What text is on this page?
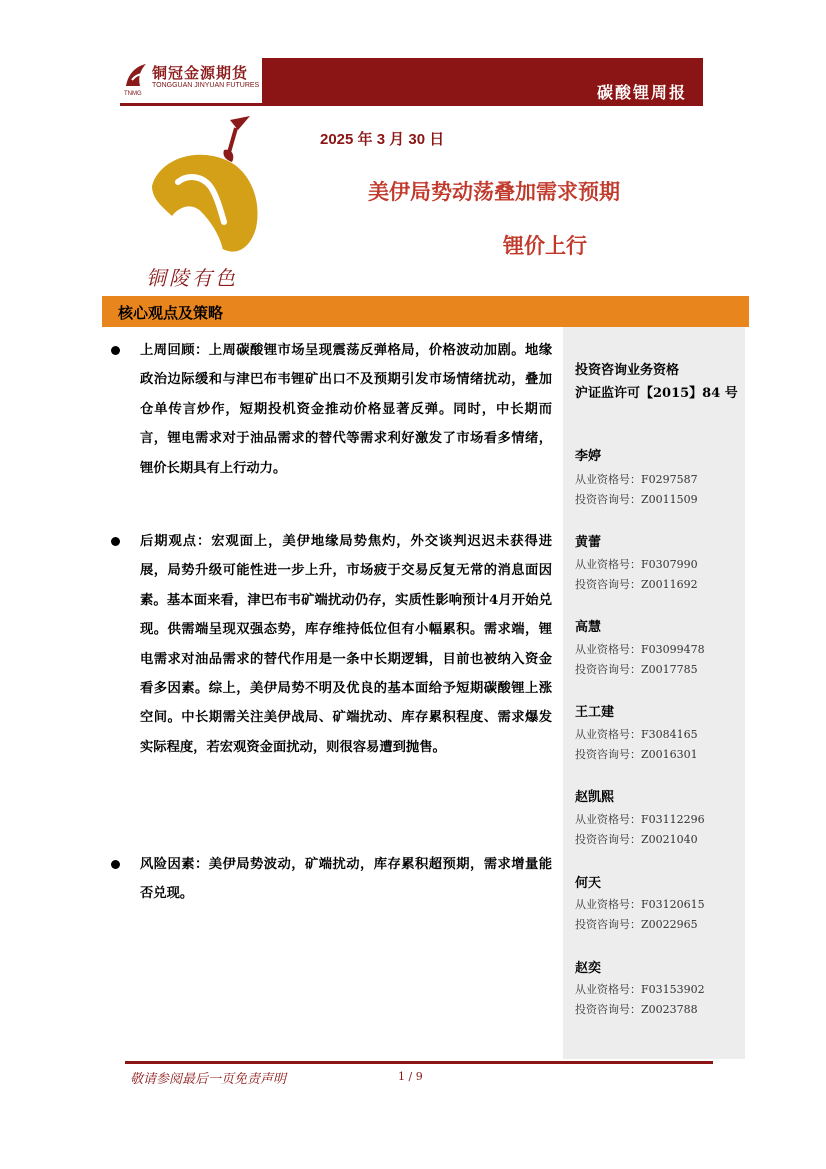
铜冠金源期货
TONGGUAN JINYUAN FUTURES
TNMG	碳酸锂周报
铜陵有色
2025 年 3 月 30 日
美伊局势动荡叠加需求预期
锂价上行
核心观点及策略
投资咨询业务资格
沪证监许可【2015】84 号
李婷
从业资格号：F0297587
投资咨询号：Z0011509
黄蕾
从业资格号：F0307990
投资咨询号：Z0011692
高慧
从业资格号：F03099478
投资咨询号：Z0017785
王工建
从业资格号：F3084165
投资咨询号：Z0016301
赵凯熙
从业资格号：F03112296
投资咨询号：Z0021040
何天
从业资格号：F03120615
投资咨询号：Z0022965
赵奕
从业资格号：F03153902
投资咨询号：Z0023788
上周回顾：上周碳酸锂市场呈现震荡反弹格局，价格波动加剧。地缘政治边际缓和与津巴布韦锂矿出口不及预期引发市场情绪扰动，叠加仓单传言炒作，短期投机资金推动价格显著反弹。同时，中长期而言，锂电需求对于油品需求的替代等需求利好激发了市场看多情绪，锂价长期具有上行动力。
后期观点：宏观面上，美伊地缘局势焦灼，外交谈判迟迟未获得进展，局势升级可能性进一步上升，市场疲于交易反复无常的消息面因素。基本面来看，津巴布韦矿端扰动仍存，实质性影响预计4月开始兑现。供需端呈现双强态势，库存维持低位但有小幅累积。需求端，锂电需求对油品需求的替代作用是一条中长期逻辑，目前也被纳入资金看多因素。综上，美伊局势不明及优良的基本面给予短期碳酸锂上涨空间。中长期需关注美伊战局、矿端扰动、库存累积程度、需求爆发实际程度，若宏观资金面扰动，则很容易遭到抛售。
风险因素：美伊局势波动，矿端扰动，库存累积超预期，需求增量能否兑现。
敬请参阅最后一页免责声明	1 / 9
